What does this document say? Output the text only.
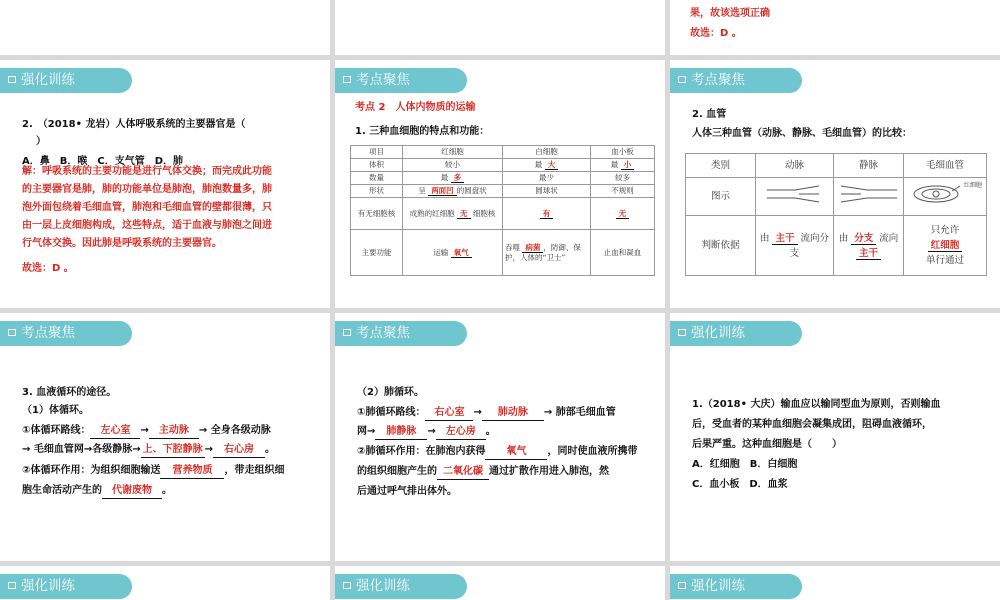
果，故该选项正确
故选：D 。
强化训练
2.　（2018• 龙岩）人体呼吸系统的主要器官是（
）
A．鼻　B．喉　C．支气管　D．肺
解：呼吸系统的主要功能是进行气体交换；而完成此功能
的主要器官是肺，肺的功能单位是肺泡，肺泡数量多，肺
泡外面包绕着毛细血管，肺泡和毛细血管的壁都很薄，只
由一层上皮细胞构成，这些特点，适于血液与肺泡之间进
行气体交换。因此肺是呼吸系统的主要器官。
故选：D 。
考点聚焦
考点 2　人体内物质的运输
1. 三种血细胞的特点和功能：
项目	红细胞	白细胞	血小板
体积	较小	最 大	最 小
数量	最 多	最少	较多
形状	呈 两面凹 的圆盘状	圆球状	不规则
有无细胞核	成熟的红细胞 无 细胞核	有	无
主要功能	运输 氧气	吞噬 病菌 ，防御、保护，人体的“卫士”	止血和凝血
考点聚焦
2. 血管
人体三种血管（动脉、静脉、毛细血管）的比较：
类别	动脉	静脉	毛细血管
图示			红细胞

判断依据	由 主干 流向分支	由 分支 流向 主干	只允许
红细胞
单行通过
考点聚焦
3. 血液循环的途径。
（1）体循环。
①体循环路线： 左心室 → 主动脉 → 全身各级动脉
→ 毛细血管网→各级静脉→ 上、下腔静脉 → 右心房 。
②体循环作用：为组织细胞输送 营养物质 ，带走组织细
胞生命活动产生的 代谢废物 。
考点聚焦
（2）肺循环。
①肺循环路线： 右心室 → 肺动脉 → 肺部毛细血管
网→ 肺静脉 → 左心房 。
②肺循环作用：在肺泡内获得 氧气 ，同时使血液所携带
的组织细胞产生的 二氧化碳 通过扩散作用进入肺泡，然
后通过呼气排出体外。
强化训练
1.（2018• 大庆）输血应以输同型血为原则，否则输血
后，受血者的某种血细胞会凝集成团，阻碍血液循环，
后果严重。这种血细胞是（　　）
A．红细胞　B．白细胞
C．血小板　D．血浆
强化训练	强化训练	强化训练
